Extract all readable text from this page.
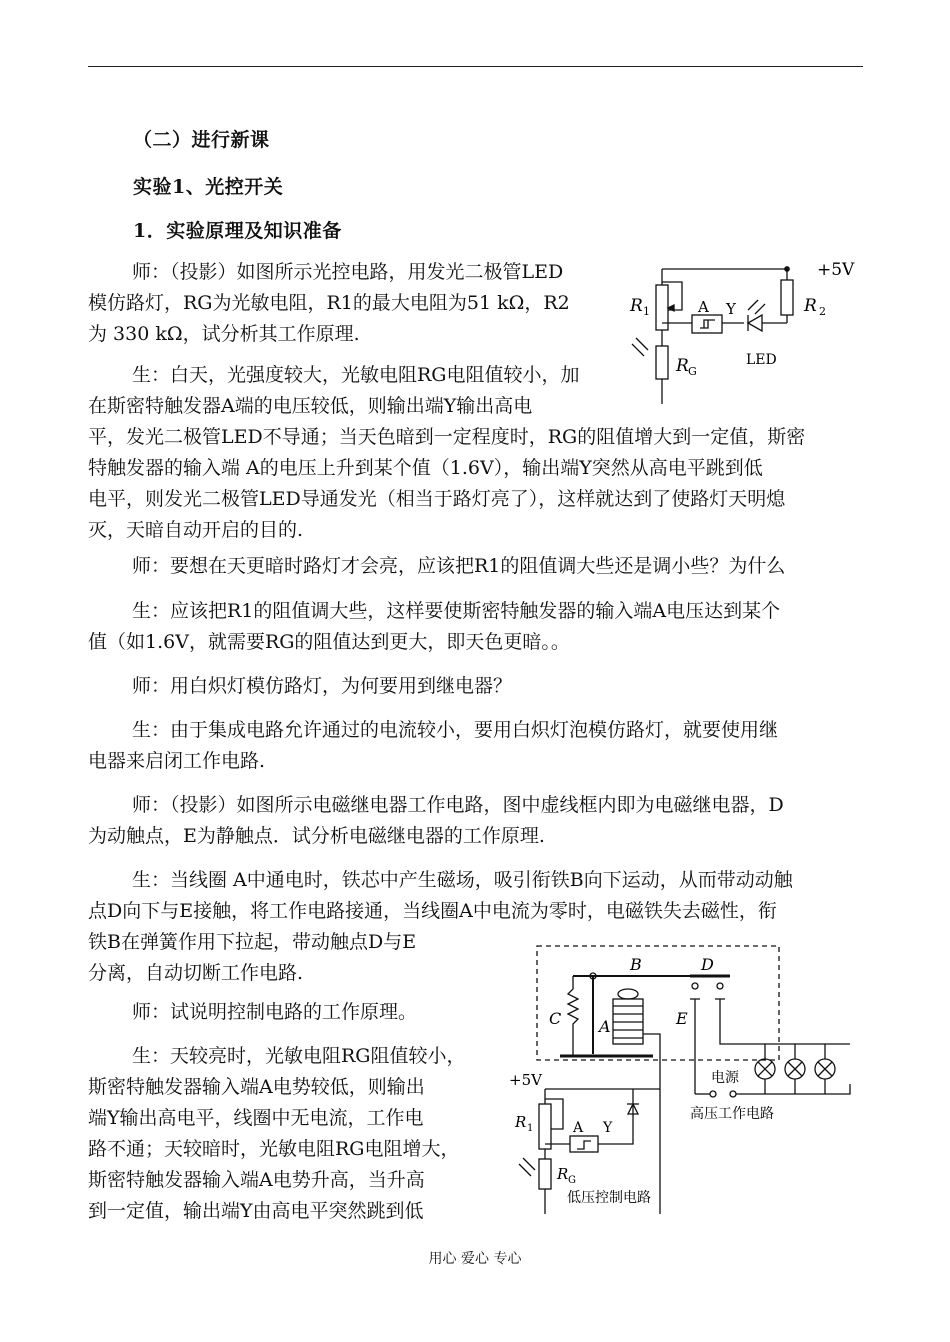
（二）进行新课
实验1、光控开关
1．实验原理及知识准备
师：（投影）如图所示光控电路，用发光二极管LED
模仿路灯，RG为光敏电阻，R1的最大电阻为51 kΩ，R2
为 330 kΩ，试分析其工作原理.
生：白天，光强度较大，光敏电阻RG电阻值较小，加
在斯密特触发器A端的电压较低，则输出端Y输出高电
平，发光二极管LED不导通；当天色暗到一定程度时，RG的阻值增大到一定值，斯密
特触发器的输入端 A的电压上升到某个值（1.6V），输出端Y突然从高电平跳到低
电平，则发光二极管LED导通发光（相当于路灯亮了），这样就达到了使路灯天明熄
灭，天暗自动开启的目的.
师：要想在天更暗时路灯才会亮，应该把R1的阻值调大些还是调小些？为什么
生：应该把R1的阻值调大些，这样要使斯密特触发器的输入端A电压达到某个
值（如1.6V，就需要RG的阻值达到更大，即天色更暗。。
师：用白炽灯模仿路灯，为何要用到继电器？
生：由于集成电路允许通过的电流较小，要用白炽灯泡模仿路灯，就要使用继
电器来启闭工作电路.
师：（投影）如图所示电磁继电器工作电路，图中虚线框内即为电磁继电器，D
为动触点，E为静触点．试分析电磁继电器的工作原理.
生：当线圈 A中通电时，铁芯中产生磁场，吸引衔铁B向下运动，从而带动动触
点D向下与E接触，将工作电路接通，当线圈A中电流为零时，电磁铁失去磁性，衔
铁B在弹簧作用下拉起，带动触点D与E
分离，自动切断工作电路.
师：试说明控制电路的工作原理。
生：天较亮时，光敏电阻RG阻值较小，
斯密特触发器输入端A电势较低，则输出
端Y输出高电平，线圈中无电流，工作电
路不通；天较暗时，光敏电阻RG电阻增大，
斯密特触发器输入端A电势升高，当升高
到一定值，输出端Y由高电平突然跳到低
+5V
R 1	R 2
R G
A Y
LED
B	D
C A	E
电源
高压工作电路
低压控制电路
+5V
R 1
R G
A Y
用心 爱心 专心
